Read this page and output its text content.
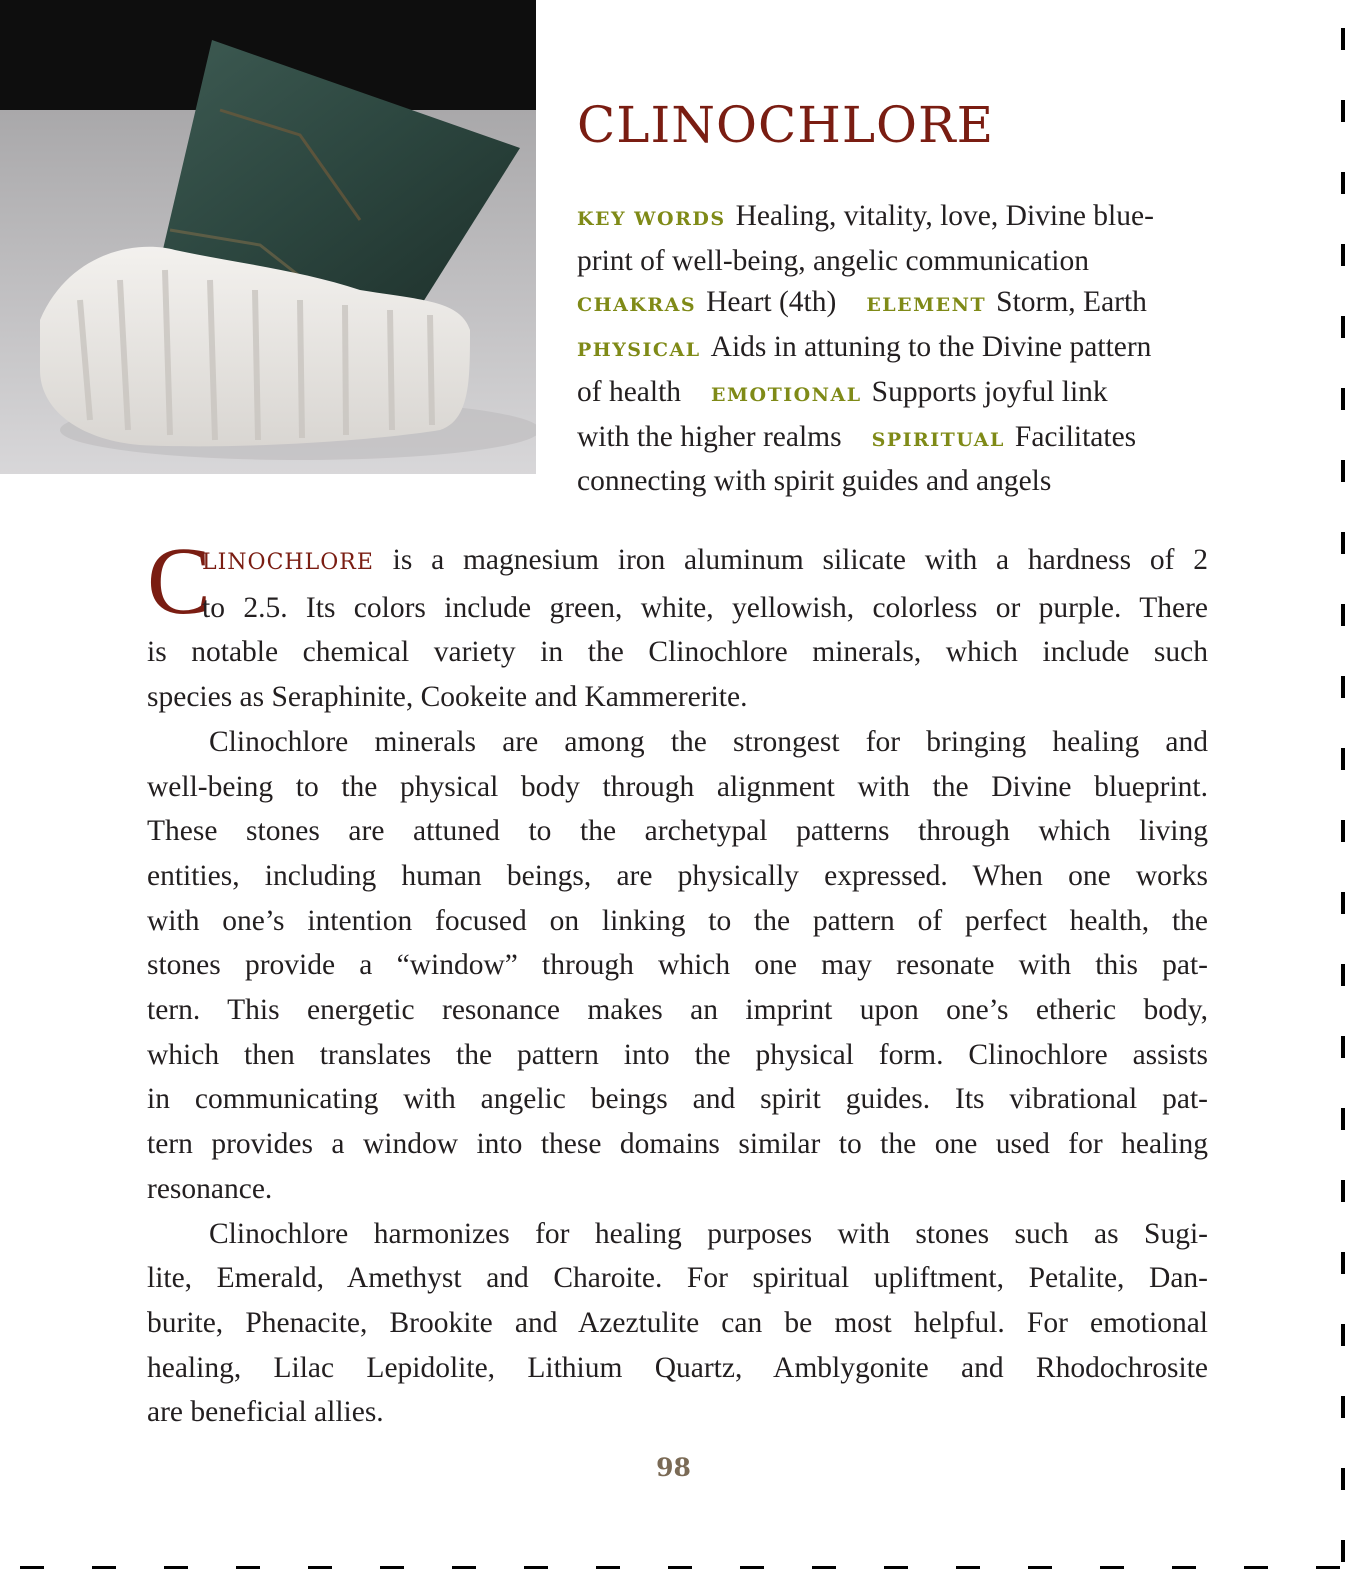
CLINOCHLORE
KEY WORDS Healing, vitality, love, Divine blue-
print of well-being, angelic communication
CHAKRAS Heart (4th) ELEMENT Storm, Earth
PHYSICAL Aids in attuning to the Divine pattern
of health EMOTIONAL Supports joyful link
with the higher realms SPIRITUAL Facilitates
connecting with spirit guides and angels
C
LINOCHLORE is a magnesium iron aluminum silicate with a hardness of 2
to 2.5. Its colors include green, white, yellowish, colorless or purple. There
is notable chemical variety in the Clinochlore minerals, which include such
species as Seraphinite, Cookeite and Kammererite.
Clinochlore minerals are among the strongest for bringing healing and
well-being to the physical body through alignment with the Divine blueprint.
These stones are attuned to the archetypal patterns through which living
entities, including human beings, are physically expressed. When one works
with one’s intention focused on linking to the pattern of perfect health, the
stones provide a “window” through which one may resonate with this pat-
tern. This energetic resonance makes an imprint upon one’s etheric body,
which then translates the pattern into the physical form. Clinochlore assists
in communicating with angelic beings and spirit guides. Its vibrational pat-
tern provides a window into these domains similar to the one used for healing
resonance.
Clinochlore harmonizes for healing purposes with stones such as Sugi-
lite, Emerald, Amethyst and Charoite. For spiritual upliftment, Petalite, Dan-
burite, Phenacite, Brookite and Azeztulite can be most helpful. For emotional
healing, Lilac Lepidolite, Lithium Quartz, Amblygonite and Rhodochrosite
are beneficial allies.
98
